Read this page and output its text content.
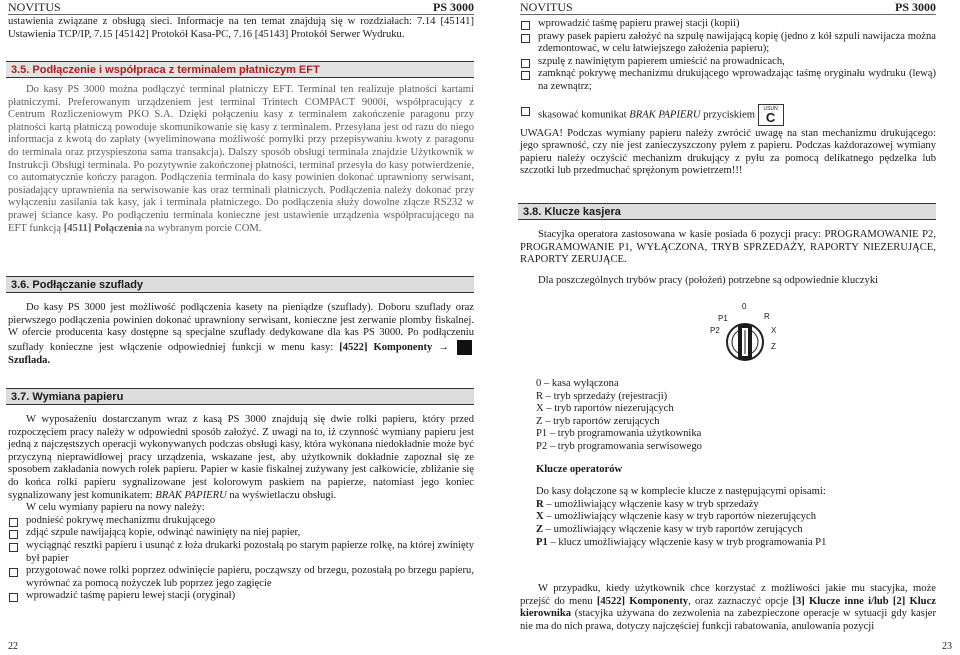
NOVITUS	PS 3000

ustawienia związane z obsługą sieci. Informacje na ten temat znajdują się w rozdziałach: 7.14 [45141] Ustawienia TCP/IP, 7.15 [45142] Protokół Kasa-PC, 7.16 [45143] Protokół Serwer Wydruku.

3.5. Podłączenie i współpraca z terminalem płatniczym EFT

Do kasy PS 3000 można podłączyć terminal płatniczy EFT. Terminal ten realizuje płatności kartami płatniczymi. Preferowanym urządzeniem jest terminal Trintech COMPACT 9000i, współpracujący z Centrum Rozliczeniowym PKO S.A. Dzięki połączeniu kasy z terminalem zakończenie paragonu przy płatności kartą płatniczą powoduje skomunikowanie się kasy z terminalem. Przesyłana jest od razu do niego informacja z kwotą do zapłaty (wyeliminowana możliwość pomyłki przy przepisywaniu kwoty z paragonu do terminala oraz przyspieszona sama transakcja). Dalszy sposób obsługi terminala znajdzie Użytkownik w Instrukcji Obsługi terminala. Po pozytywnie zakończonej płatności, terminal przesyła do kasy potwierdzenie, co automatycznie kończy paragon. Podłączenia terminala do kasy powinien dokonać uprawniony serwisant, posiadający uprawnienia na serwisowanie kas oraz terminali płatniczych. Podłączenia należy dokonać przy wyłączeniu zasilania tak kasy, jak i terminala płatniczego. Do podłączenia służy dowolne złącze RS232 w prawej ściance kasy. Po podłączeniu terminala konieczne jest ustawienie urządzenia współpracującego na EFT funkcją [4511] Połączenia na wybranym porcie COM.

3.6. Podłączanie szuflady

Do kasy PS 3000 jest możliwość podłączenia kasety na pieniądze (szuflady). Doboru szuflady oraz pierwszego podłączenia powinien dokonać uprawniony serwisant, konieczne jest zerwanie plomby fiskalnej. W ofercie producenta kasy dostępne są specjalne szuflady dedykowane dla kas PS 3000. Po podłączeniu szuflady konieczne jest włączenie odpowiedniej funkcji w menu kasy: [4522] Komponenty → X Szuflada.

3.7. Wymiana papieru

W wyposażeniu dostarczanym wraz z kasą PS 3000 znajdują się dwie rolki papieru, który przed rozpoczęciem pracy należy w odpowiedni sposób założyć. Z uwagi na to, iż czynność wymiany papieru jest jedną z najczęstszych operacji wykonywanych podczas obsługi kasy, która wykonana niedokładnie może być przyczyną nieprawidłowej pracy urządzenia, wskazane jest, aby użytkownik dokładnie zapoznał się ze sposobem zakładania nowych rolek papieru. Papier w kasie fiskalnej zużywany jest całkowicie, zbliżanie się do końca rolki papieru sygnalizowane jest kolorowym paskiem na papierze, natomiast jego koniec sygnalizowany jest komunikatem: BRAK PAPIERU na wyświetlaczu obsługi.

W celu wymiany papieru na nowy należy:

podnieść pokrywę mechanizmu drukującego
zdjąć szpule nawijającą kopie, odwinąć nawinięty na niej papier,
wyciągnąć resztki papieru i usunąć z łoża drukarki pozostałą po starym papierze rolkę, na której zwinięty był papier
przygotować nowe rolki poprzez odwinięcie papieru, począwszy od brzegu, pozostałą po brzegu papieru, wyrównać za pomocą nożyczek lub poprzez jego zagięcie
wprowadzić taśmę papieru lewej stacji (oryginał)
22
NOVITUS	PS 3000
wprowadzić taśmę papieru prawej stacji (kopii)
prawy pasek papieru założyć na szpulę nawijającą kopię (jedno z kół szpuli nawijacza można zdemontować, w celu łatwiejszego założenia papieru);
szpulę z nawiniętym papierem umieścić na prowadnicach,
zamknąć pokrywę mechanizmu drukującego wprowadzając taśmę oryginału wydruku (lewą) na zewnątrz;
skasować komunikat BRAK PAPIERU przyciskiem
USUŃ
C

UWAGA! Podczas wymiany papieru należy zwrócić uwagę na stan mechanizmu drukującego: jego sprawność, czy nie jest zanieczyszczony pyłem z papieru. Podczas każdorazowej wymiany papieru należy oczyścić mechanizm drukujący z pyłu za pomocą delikatnego pędzelka lub szczotki lub przedmuchać sprężonym powietrzem!!!

3.8. Klucze kasjera

Stacyjka operatora zastosowana w kasie posiada 6 pozycji pracy: PROGRAMOWANIE P2, PROGRAMOWANIE P1, WYŁĄCZONA, TRYB SPRZEDAŻY, RAPORTY NIEZERUJĄCE, RAPORTY ZERUJĄCE.

Dla poszczególnych trybów pracy (położeń) potrzebne są odpowiednie kluczyki

0 – kasa wyłączona

R – tryb sprzedaży (rejestracji)

X – tryb raportów niezerujących

Z – tryb raportów zerujących

P1 – tryb programowania użytkownika

P2 – tryb programowania serwisowego

Klucze operatorów

Do kasy dołączone są w komplecie klucze z następującymi opisami:

R – umożliwiający włączenie kasy w tryb sprzedaży

X – umożliwiający włączenie kasy w tryb raportów niezerujących

Z – umożliwiający włączenie kasy w tryb raportów zerujących

P1 – klucz umożliwiający włączenie kasy w tryb programowania P1

W przypadku, kiedy użytkownik chce korzystać z możliwości jakie mu stacyjka, może przejść do menu [4522] Komponenty, oraz zaznaczyć opcje [3] Klucze inne i/lub [2] Klucz kierownika (stacyjka używana do zezwolenia na zabezpieczone operacje w sytuacji gdy kasjer nie ma do nich prawa, dotyczy najczęściej funkcji rabatowania, anulowania pozycji

23
0
P1
P2
R
X
Z
